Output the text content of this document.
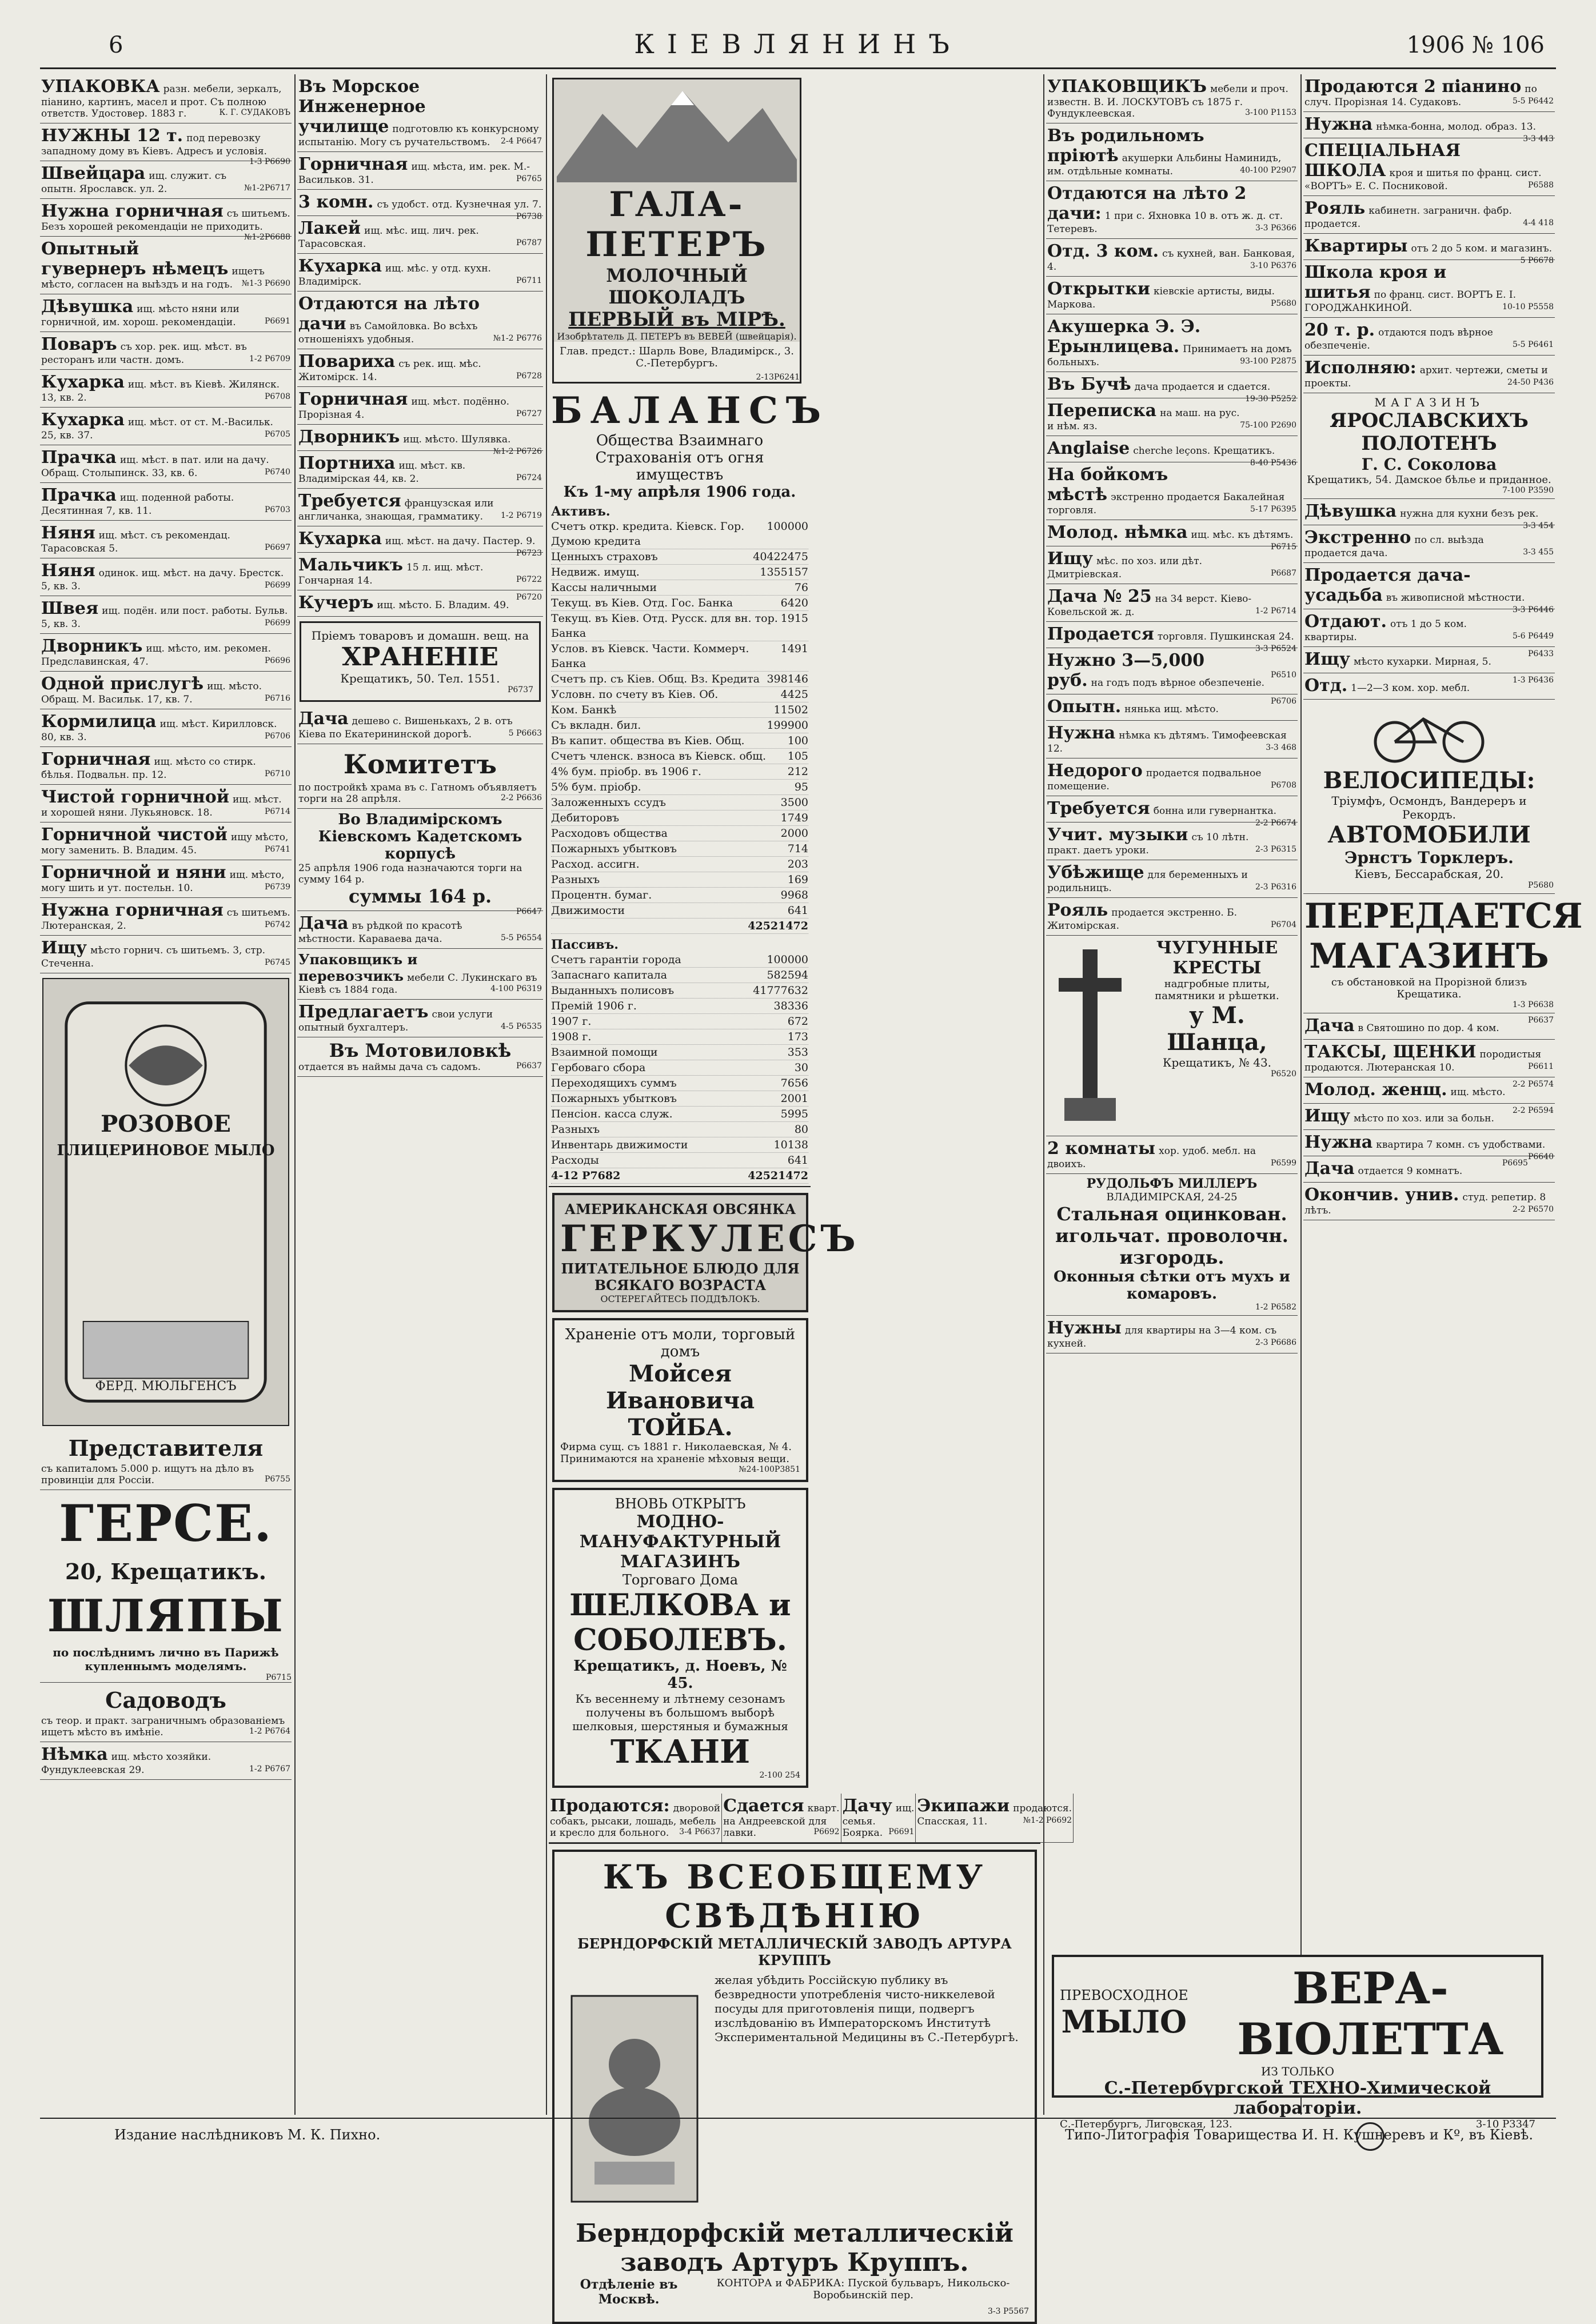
6	КІЕВЛЯНИНЪ	1906 № 106
УПАКОВКА разн. мебели, зеркалъ, піанино, картинъ, масел и прот. Съ полною ответств. Удостовер. 1883 г.	К. Г. СУДАКОВЪ
НУЖНЫ 12 т. под перевозку западному дому въ Кіевъ. Адресъ и условія.
1-3 Р6690
Швейцара ищ. служит. съ опытн. Ярославск. ул. 2.	№1-2Р6717
Нужна горничная съ шитьемъ. Безъ хорошей рекомендаціи не приходить.
№1-2Р6688
Опытный гувернеръ нѣмецъ ищетъ мѣсто, согласен на выѣздъ и на годъ. №1-3 Р6690
Дѣвушка ищ. мѣсто няни или горничной, им. хорош. рекомендаціи.	Р6691
Поваръ съ хор. рек. ищ. мѣст. въ ресторанъ или частн. домъ.	1-2 Р6709
Кухарка ищ. мѣст. въ Кіевѣ. Жилянск. 13, кв. 2.	Р6708
Кухарка ищ. мѣст. от ст. М.-Васильк. 25, кв. 37.	Р6705
Прачка ищ. мѣст. в пат. или на дачу. Обращ. Столыпинск. 33, кв. 6.	Р6740
Прачка ищ. поденной работы. Десятинная 7, кв. 11.	Р6703
Няня ищ. мѣст. съ рекомендац. Тарасовская 5.	Р6697
Няня одинок. ищ. мѣст. на дачу. Брестск. 5, кв. 3.	Р6699
Швея ищ. подён. или пост. работы. Бульв. 5, кв. 3.	Р6699
Дворникъ ищ. мѣсто, им. рекомен. Предславинская, 47.	Р6696
Одной прислугѣ ищ. мѣсто. Обращ. М. Васильк. 17, кв. 7.	Р6716
Кормилица ищ. мѣст. Кирилловск. 80, кв. 3.	Р6706
Горничная ищ. мѣсто со стирк. бѣлья. Подвальн. пр. 12.	Р6710
Чистой горничной ищ. мѣст. и хорошей няни. Лукьяновск. 18.	Р6714
Горничной чистой ищу мѣсто, могу заменить. В. Владим. 45.	Р6741
Горничной и няни ищ. мѣсто, могу шить и ут. постельн. 10.	Р6739
Нужна горничная съ шитьемъ. Лютеранская, 2.	Р6742
Ищу мѣсто горнич. съ шитьемъ. 3, стр. Стеченна.	Р6745
РОЗОВОЕ
ГЛИЦЕРИНОВОЕ МЫЛО
ФЕРД. МЮЛЬГЕНСЪ
Представителя
съ капиталомъ 5.000 р. ищутъ на дѣло въ провинціи для Россіи.	Р6755
ГЕРСЕ.
20, Крещатикъ.
ШЛЯПЫ
по послѣднимъ лично въ Парижѣ купленнымъ моделямъ.
Р6715
Садоводъ
съ теор. и практ. заграничнымъ образованіемъ ищетъ мѣсто въ имѣніе.	1-2 Р6764
Нѣмка ищ. мѣсто хозяйки. Фундуклеевская 29.	1-2 Р6767
Въ Морское Инженерное училище подготовлю къ конкурсному испытанію. Могу съ ручательствомъ. 2-4 Р6647
Горничная ищ. мѣста, им. рек. М.-Васильков. 31.	Р6765
3 комн. съ удобст. отд. Кузнечная ул. 7.
Р6738
Лакей ищ. мѣс. ищ. лич. рек. Тарасовская.	Р6787
Кухарка ищ. мѣс. у отд. кухн. Владимірск.	Р6711
Отдаются на лѣто дачи въ Самойловка. Во всѣхъ отношеніяхъ удобныя.	№1-2 Р6776
Повариха съ рек. ищ. мѣс. Житомірск. 14.	Р6728
Горничная ищ. мѣст. подённо. Прорізная 4.	Р6727
Дворникъ ищ. мѣсто. Шулявка.
№1-2 Р6726
Портниха ищ. мѣст. кв. Владимірская 44, кв. 2.	Р6724
Требуется французская или англичанка, знающая, грамматику. 1-2 Р6719
Кухарка ищ. мѣст. на дачу. Пастер. 9.
Р6723
Мальчикъ 15 л. ищ. мѣст. Гончарная 14.	Р6722
Кучеръ ищ. мѣсто. Б. Владим. 49.
Р6720
Пріемъ товаровъ и домашн. вещ. на
ХРАНЕНІЕ
Крещатикъ, 50. Тел. 1551.
Р6737
Дача дешево с. Вишенькахъ, 2 в. отъ Кіева по Екатерининской дорогѣ.	5 Р6663
Комитетъ
по постройкѣ храма въ с. Гатномъ объявляетъ торги на 28 апрѣля.	2-2 Р6636
Во Владимірскомъ Кіевскомъ Кадетскомъ корпусѣ
25 апрѣля 1906 года назначаются торги на сумму 164 р.
суммы 164 р.
Р6647
Дача въ рѣдкой по красотѣ мѣстности. Караваева дача.	5-5 Р6554
Упаковщикъ и перевозчикъ мебели С. Лукинскаго въ Кіевѣ съ 1884 года.	4-100 Р6319
Предлагаетъ свои услуги опытный бухгалтеръ.	4-5 Р6535
Въ Мотовиловкѣ
отдается въ наймы дача съ садомъ.	Р6637
ГАЛА-ПЕТЕРЪ
МОЛОЧНЫЙ ШОКОЛАДЪ
ПЕРВЫЙ въ МІРѢ.
Изобрѣтатель Д. ПЕТЕРЪ въ ВЕВЕЙ (швейцарія).
Глав. предст.: Шарль Вове, Владимірск., 3. С.-Петербургъ.
2-13Р6241
БАЛАНСЪ
Общества Взаимнаго Страхованія отъ огня имуществъ
Къ 1-му апрѣля 1906 года.
Активъ.
Счетъ откр. кредита. Кіевск. Гор. Думою кредита
100000
Ценныхъ страховъ	40422475
Недвиж. имущ.	1355157
Кассы наличными	76
Текущ. въ Кіев. Отд. Гос. Банка	6420
Текущ. въ Кіев. Отд. Русск. для вн. тор. Банка
1915
Услов. въ Кіевск. Части. Коммерч. Банка
1491
Счетъ пр. съ Кіев. Общ. Вз. Кредита 398146
Условн. по счету въ Кіев. Об.	4425
Ком. Банкѣ	11502
Съ вкладн. бил.	199900
Въ капит. общества въ Кіев. Общ.	100
Счетъ членск. взноса въ Кіевск. общ. 105
4% бум. пріобр. въ 1906 г.	212
5% бум. пріобр.	95
Заложенныхъ ссудъ	3500
Дебиторовъ	1749
Расходовъ общества	2000
Пожарныхъ убытковъ	714
Расход. ассигн.	203
Разныхъ	169
Процентн. бумаг.	9968
Движимости	641
42521472
Пассивъ.
Счетъ гарантіи города	100000
Запаснаго капитала	582594
Выданныхъ полисовъ	41777632
Премій 1906 г.	38336
1907 г.	672
1908 г.	173
Взаимной помощи	353
Гербоваго сбора	30
Переходящихъ суммъ	7656
Пожарныхъ убытковъ	2001
Пенсіон. касса служ.	5995
Разныхъ	80
Инвентарь движимости	10138
Расходы	641
4-12 Р7682	42521472
АМЕРИКАНСКАЯ ОВСЯНКА
ГЕРКУЛЕСЪ
ПИТАТЕЛЬНОЕ БЛЮДО ДЛЯ ВСЯКАГО ВОЗРАСТА
ОСТЕРЕГАЙТЕСЬ ПОДДѢЛОКЪ.
Храненіе отъ моли, торговый домъ
Мойсея Ивановича ТОЙБА.
Фирма сущ. съ 1881 г. Николаевская, № 4. Принимаются на храненіе мѣховыя вещи.
№24-100Р3851
ВНОВЬ ОТКРЫТЪ
МОДНО-МАНУФАКТУРНЫЙ МАГАЗИНЪ
Торговаго Дома
ШЕЛКОВА и СОБОЛЕВЪ.
Крещатикъ, д. Ноевъ, № 45.
Къ весеннему и лѣтнему сезонамъ получены въ большомъ выборѣ шелковыя, шерстяныя и бумажныя
ТКАНИ
2-100 254
Продаются: дворовой собакъ, рысаки, лошадь, мебель и кресло для больного. 3-4 Р6637
Сдается кварт. на Андреевской для лавки.	Р6692
Дачу ищ. семья. Боярка. Р6691
Экипажи продаются. Спасская, 11.	№1-2 Р6692
КЪ ВСЕОБЩЕМУ СВѢДѢНІЮ
БЕРНДОРФСКІЙ МЕТАЛЛИЧЕСКІЙ ЗАВОДЪ АРТУРА КРУППЪ
желая убѣдить Россійскую публику въ безвредности употребленія чисто-никкелевой посуды для приготовленія пищи, подвергъ изслѣдованію въ Императорскомъ Институтѣ Экспериментальной Медицины въ С.-Петербургѣ.
Берндорфскій металлическій заводъ Артуръ Круппъ.
Отдѣленіе въ Москвѣ.
КОНТОРА и ФАБРИКА: Пуской бульваръ, Никольско-Воробьинскій пер.
3-3 Р5567
УПАКОВЩИКЪ мебели и проч. известн. В. И. ЛОСКУТОВЪ съ 1875 г. Фундуклеевская.	3-100 Р1153
Въ родильномъ пріютѣ акушерки Альбины Наминидъ, им. отдѣльные комнаты.	40-100 Р2907
Отдаются на лѣто 2 дачи: 1 при с. Яхновка 10 в. отъ ж. д. ст. Тетеревъ.	3-3 Р6366
Отд. 3 ком. съ кухней, ван. Банковая, 4.	3-10 Р6376
Открытки кіевскіе артисты, виды. Маркова.	Р5680
Акушерка Э. Э. Ерынлицева. Принимаетъ на домъ больныхъ.	93-100 Р2875
Въ Бучѣ дача продается и сдается.
19-30 Р5252
Переписка на маш. на рус. и нѣм. яз.	75-100 Р2690
Anglaise cherche leçons. Крещатикъ.
8-40 Р5436
На бойкомъ мѣстѣ экстренно продается Бакалейная торговля.	5-17 Р6395
Молод. нѣмка ищ. мѣс. къ дѣтямъ.
Р6715
Ищу мѣс. по хоз. или дѣт. Дмитріевская.	Р6687
Дача № 25 на 34 верст. Кіево-Ковельской ж. д.	1-2 Р6714
Продается торговля. Пушкинская 24.
3-3 Р6524
Нужно 3—5,000 руб. на годъ подъ вѣрное обезпеченіе.
Р6510
Опытн. нянька ищ. мѣсто.
Р6706
Нужна нѣмка къ дѣтямъ. Тимофеевская 12.	3-3 468
Недорого продается подвальное помещение.	Р6708
Требуется бонна или гувернантка.
2-2 Р6674
Учит. музыки съ 10 лѣтн. практ. даетъ уроки.	2-3 Р6315
Убѣжище для беременныхъ и родильницъ.	2-3 Р6316
Рояль продается экстренно. Б. Житомірская.	Р6704
ЧУГУННЫЕ КРЕСТЫ
надгробные плиты, памятники и рѣшетки.
у М. Шанца,
Крещатикъ, № 43.
Р6520
2 комнаты хор. удоб. мебл. на двоихъ.	Р6599
РУДОЛЬФЪ МИЛЛЕРЪ
ВЛАДИМІРСКАЯ, 24-25
Стальная оцинкован. игольчат. проволочн. изгородь.
Оконныя сѣтки отъ мухъ и комаровъ.
1-2 Р6582
Нужны для квартиры на 3—4 ком. съ кухней.	2-3 Р6686
Продаются 2 піанино по случ. Прорізная 14. Судаковъ.	5-5 Р6442
Нужна нѣмка-бонна, молод. образ. 13.
3-3 443
СПЕЦІАЛЬНАЯ ШКОЛА кроя и шитья по франц. сист. «ВОРТЪ» Е. С. Посниковой.	Р6588
Рояль кабинетн. заграничн. фабр. продается.	4-4 418
Квартиры отъ 2 до 5 ком. и магазинъ.
5 Р6678
Школа кроя и шитья по франц. сист. ВОРТЪ Е. I. ГОРОДЖАНКИНОЙ.	10-10 Р5558
20 т. р. отдаются подъ вѣрное обезпеченіе.	5-5 Р6461
Исполняю: архит. чертежи, сметы и проекты.	24-50 Р436
МАГАЗИНЪ
ЯРОСЛАВСКИХЪ ПОЛОТЕНЪ
Г. С. Соколова
Крещатикъ, 54. Дамское бѣлье и приданное.
7-100 Р3590
Дѣвушка нужна для кухни безъ рек.
3-3 454
Экстренно по сл. выѣзда продается дача.	3-3 455
Продается дача-усадьба въ живописной мѣстности.
3-3 Р6446
Отдают. отъ 1 до 5 ком. квартиры.	5-6 Р6449
Ищу мѣсто кухарки. Мирная, 5.
Р6433
Отд. 1—2—3 ком. хор. мебл.
1-3 Р6436
ВЕЛОСИПЕДЫ:
Тріумфъ, Осмондъ, Вандереръ и Рекордъ.
АВТОМОБИЛИ
Эрнстъ Торклеръ.
Кіевъ, Бессарабская, 20.
Р5680
ПЕРЕДАЕТСЯ
МАГАЗИНЪ
съ обстановкой на Прорізной близъ Крещатика.
1-3 Р6638
Дача в Святошино по дор. 4 ком.
Р6637
ТАКСЫ, ЩЕНКИ породистыя продаются. Лютеранская 10.	Р6611
Молод. женщ. ищ. мѣсто.
2-2 Р6574
Ищу мѣсто по хоз. или за больн.
2-2 Р6594
Нужна квартира 7 комн. съ удобствами.
Р6640
Дача отдается 9 комнатъ.
Р6695
Окончив. унив. студ. репетир. 8 лѣтъ.	2-2 Р6570
ПРЕВОСХОДНОЕ
МЫЛО
ВЕРА-ВІОЛЕТТА
ИЗ ТОЛЬКО
С.-Петербургской ТЕХНО-Химической лабораторіи.
С.-Петербургъ, Лиговская, 123.	3-10 Р3347
Издание наслѣдниковъ М. К. Пихно.	Типо-Литографія Товарищества И. Н. Кушнеревъ и Кº, въ Кіевѣ.
